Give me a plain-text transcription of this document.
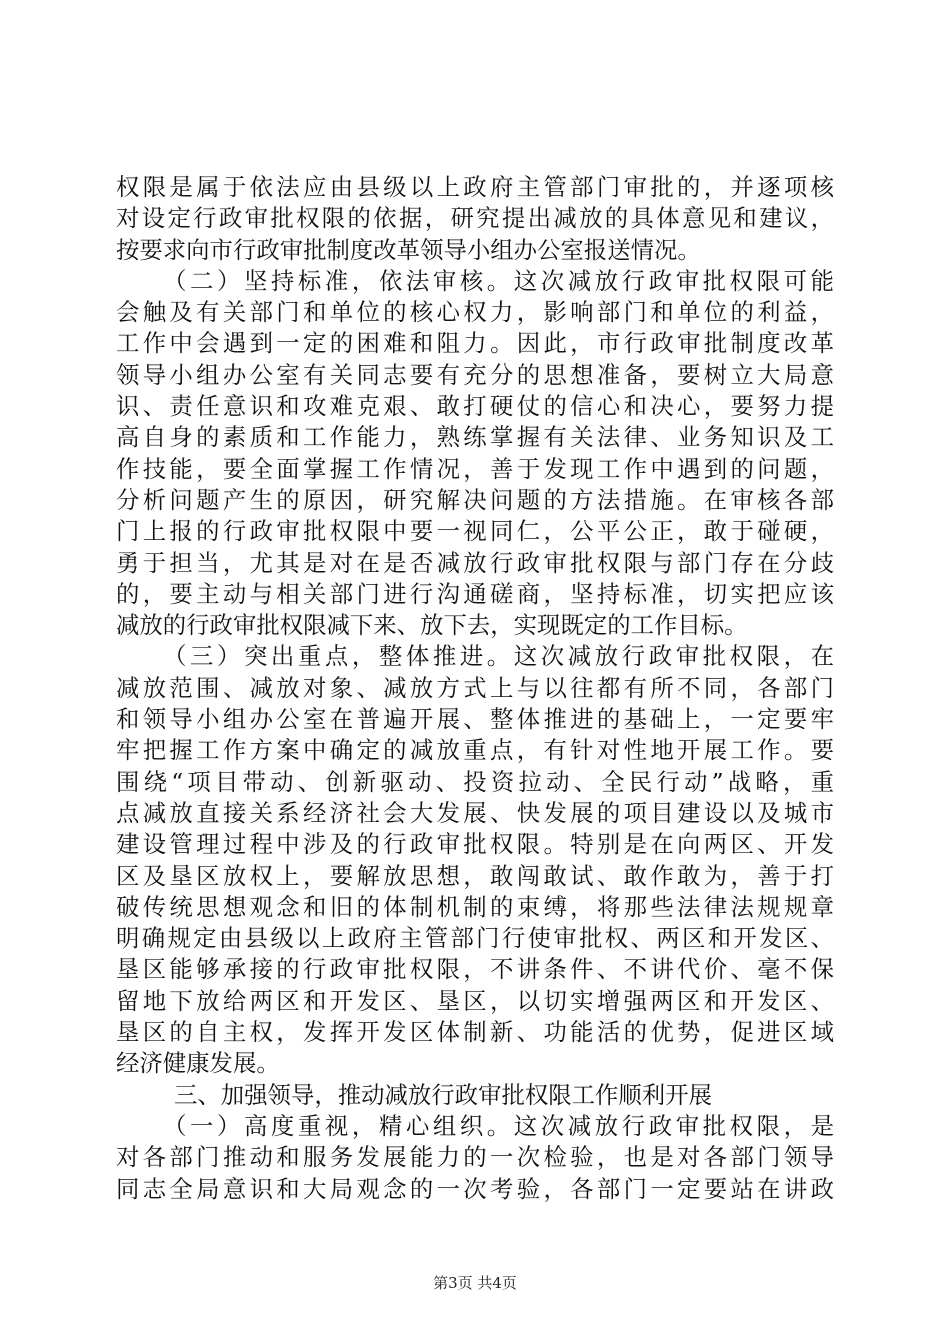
权限是属于依法应由县级以上政府主管部门审批的，并逐项核
对设定行政审批权限的依据，研究提出减放的具体意见和建议，
按要求向市行政审批制度改革领导小组办公室报送情况。
（二）坚持标准，依法审核。这次减放行政审批权限可能
会触及有关部门和单位的核心权力，影响部门和单位的利益，
工作中会遇到一定的困难和阻力。因此，市行政审批制度改革
领导小组办公室有关同志要有充分的思想准备，要树立大局意
识、责任意识和攻难克艰、敢打硬仗的信心和决心，要努力提
高自身的素质和工作能力，熟练掌握有关法律、业务知识及工
作技能，要全面掌握工作情况，善于发现工作中遇到的问题，
分析问题产生的原因，研究解决问题的方法措施。在审核各部
门上报的行政审批权限中要一视同仁，公平公正，敢于碰硬，
勇于担当，尤其是对在是否减放行政审批权限与部门存在分歧
的，要主动与相关部门进行沟通磋商，坚持标准，切实把应该
减放的行政审批权限减下来、放下去，实现既定的工作目标。
（三）突出重点，整体推进。这次减放行政审批权限，在
减放范围、减放对象、减放方式上与以往都有所不同，各部门
和领导小组办公室在普遍开展、整体推进的基础上，一定要牢
牢把握工作方案中确定的减放重点，有针对性地开展工作。要
围绕“项目带动、创新驱动、投资拉动、全民行动”战略，重
点减放直接关系经济社会大发展、快发展的项目建设以及城市
建设管理过程中涉及的行政审批权限。特别是在向两区、开发
区及垦区放权上，要解放思想，敢闯敢试、敢作敢为，善于打
破传统思想观念和旧的体制机制的束缚，将那些法律法规规章
明确规定由县级以上政府主管部门行使审批权、两区和开发区、
垦区能够承接的行政审批权限，不讲条件、不讲代价、毫不保
留地下放给两区和开发区、垦区，以切实增强两区和开发区、
垦区的自主权，发挥开发区体制新、功能活的优势，促进区域
经济健康发展。
三、加强领导，推动减放行政审批权限工作顺利开展
（一）高度重视，精心组织。这次减放行政审批权限，是
对各部门推动和服务发展能力的一次检验，也是对各部门领导
同志全局意识和大局观念的一次考验，各部门一定要站在讲政
第3页 共4页
